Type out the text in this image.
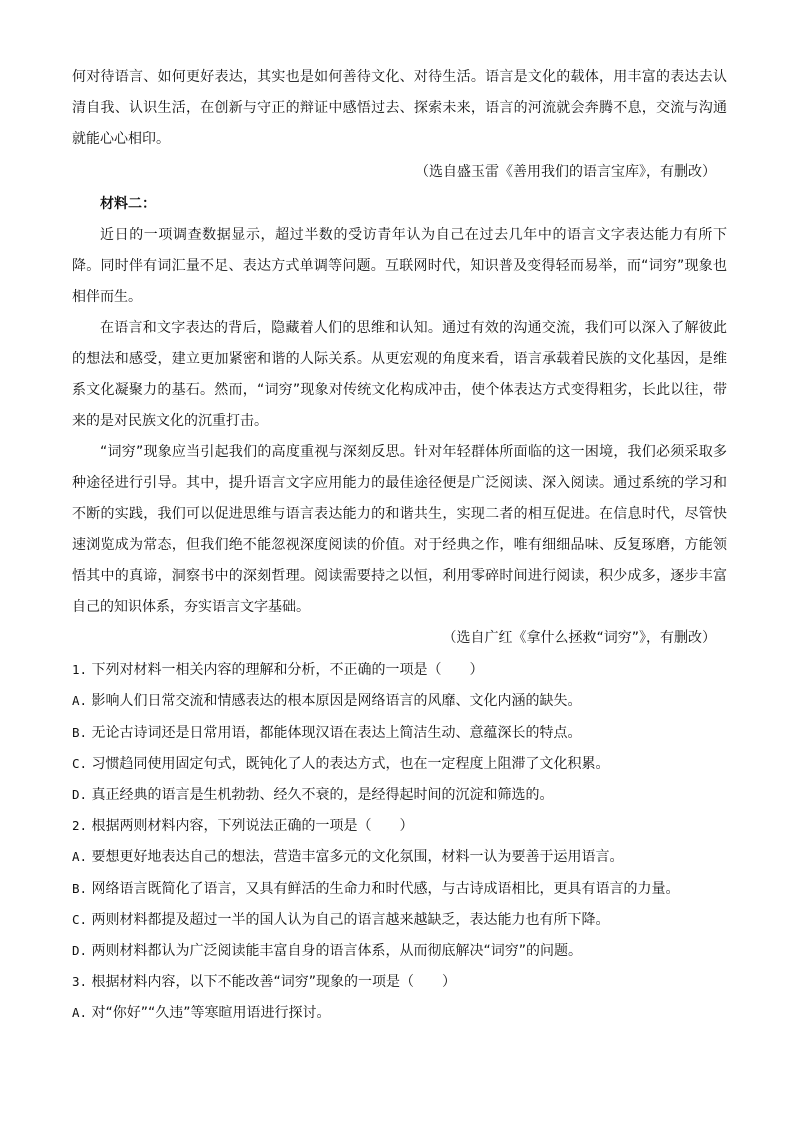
何对待语言、如何更好表达，其实也是如何善待文化、对待生活。语言是文化的载体，用丰富的表达去认清自我、认识生活，在创新与守正的辩证中感悟过去、探索未来，语言的河流就会奔腾不息，交流与沟通就能心心相印。

（选自盛玉雷《善用我们的语言宝库》，有删改）
材料二：

近日的一项调查数据显示，超过半数的受访青年认为自己在过去几年中的语言文字表达能力有所下降。同时伴有词汇量不足、表达方式单调等问题。互联网时代，知识普及变得轻而易举，而“词穷”现象也相伴而生。

在语言和文字表达的背后，隐藏着人们的思维和认知。通过有效的沟通交流，我们可以深入了解彼此的想法和感受，建立更加紧密和谐的人际关系。从更宏观的角度来看，语言承载着民族的文化基因，是维系文化凝聚力的基石。然而，“词穷”现象对传统文化构成冲击，使个体表达方式变得粗劣，长此以往，带来的是对民族文化的沉重打击。

“词穷”现象应当引起我们的高度重视与深刻反思。针对年轻群体所面临的这一困境，我们必须采取多种途径进行引导。其中，提升语言文字应用能力的最佳途径便是广泛阅读、深入阅读。通过系统的学习和不断的实践，我们可以促进思维与语言表达能力的和谐共生，实现二者的相互促进。在信息时代，尽管快速浏览成为常态，但我们绝不能忽视深度阅读的价值。对于经典之作，唯有细细品味、反复琢磨，方能领悟其中的真谛，洞察书中的深刻哲理。阅读需要持之以恒，利用零碎时间进行阅读，积少成多，逐步丰富自己的知识体系，夯实语言文字基础。

（选自广红《拿什么拯救“词穷”》，有删改）
1. 下列对材料一相关内容的理解和分析，不正确的一项是（　　）
A. 影响人们日常交流和情感表达的根本原因是网络语言的风靡、文化内涵的缺失。
B. 无论古诗词还是日常用语，都能体现汉语在表达上简洁生动、意蕴深长的特点。
C. 习惯趋同使用固定句式，既钝化了人的表达方式，也在一定程度上阻滞了文化积累。
D. 真正经典的语言是生机勃勃、经久不衰的，是经得起时间的沉淀和筛选的。
2. 根据两则材料内容，下列说法正确的一项是（　　）
A. 要想更好地表达自己的想法，营造丰富多元的文化氛围，材料一认为要善于运用语言。
B. 网络语言既简化了语言，又具有鲜活的生命力和时代感，与古诗成语相比，更具有语言的力量。
C. 两则材料都提及超过一半的国人认为自己的语言越来越缺乏，表达能力也有所下降。
D. 两则材料都认为广泛阅读能丰富自身的语言体系，从而彻底解决“词穷”的问题。
3. 根据材料内容，以下不能改善“词穷”现象的一项是（　　）
A. 对“你好”“久违”等寒暄用语进行探讨。
